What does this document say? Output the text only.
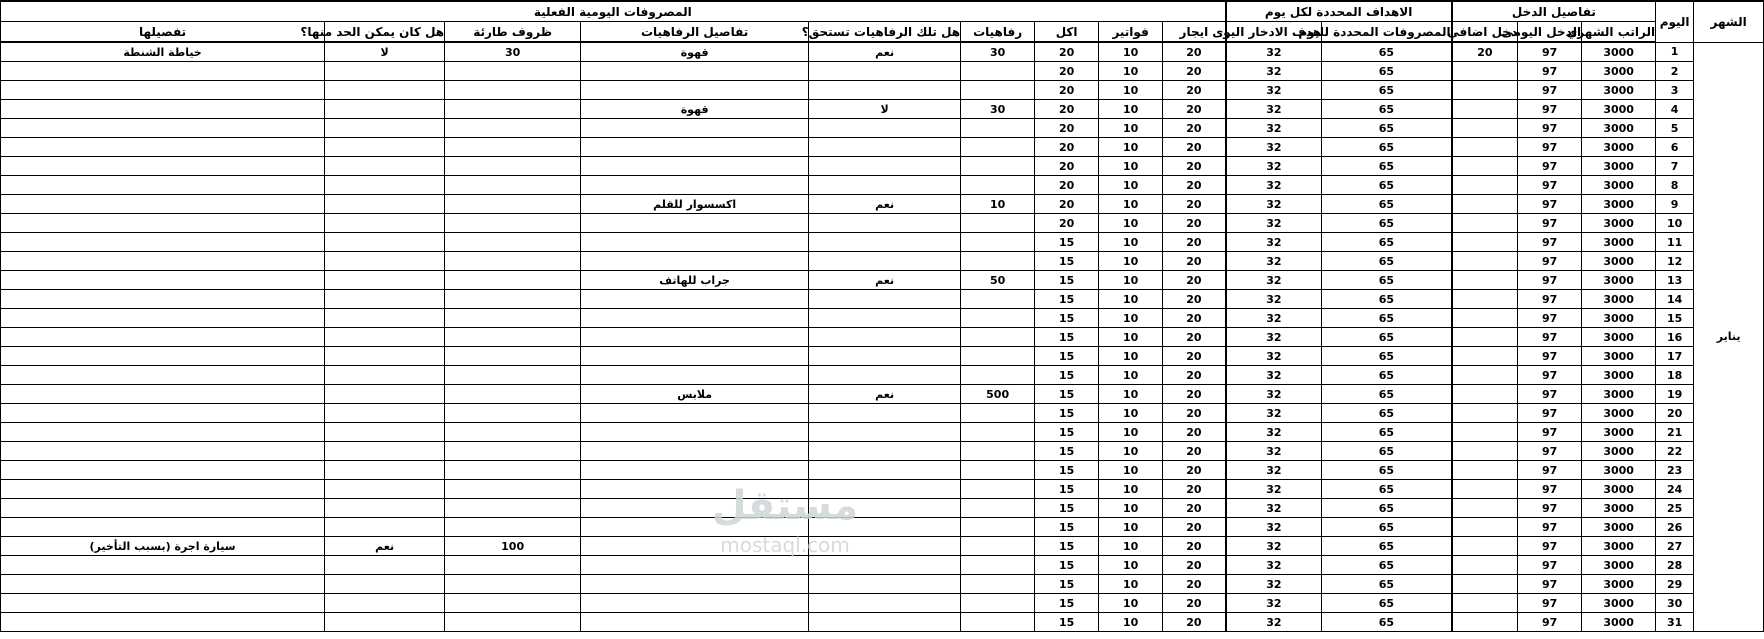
الشهر	اليوم	تفاصيل الدخل			الاهداف المحددة لكل يوم		المصروفات اليومية الفعلية								
		الراتب الشهري	الدخل اليومى	دخل اضافي	المصروفات المحددة لليوم	هدف الادخار اليوى	ايجار	فواتير	اكل	رفاهيات	هل تلك الرفاهيات تستحق؟	تفاصيل الرفاهيات	ظروف طارئة	هل كان يمكن الحد منها؟	تفصيلها
يناير	1	3000	97	20	65	32	20	10	20	30	نعم	قهوة	30	لا	خياطة الشنطة
	2	3000	97		65	32	20	10	20						
	3	3000	97		65	32	20	10	20						
	4	3000	97		65	32	20	10	20	30	لا	قهوة			
	5	3000	97		65	32	20	10	20						
	6	3000	97		65	32	20	10	20						
	7	3000	97		65	32	20	10	20						
	8	3000	97		65	32	20	10	20						
	9	3000	97		65	32	20	10	20	10	نعم	اكسسوار للقلم			
	10	3000	97		65	32	20	10	20						
	11	3000	97		65	32	20	10	15						
	12	3000	97		65	32	20	10	15						
	13	3000	97		65	32	20	10	15	50	نعم	جراب للهاتف			
	14	3000	97		65	32	20	10	15						
	15	3000	97		65	32	20	10	15						
	16	3000	97		65	32	20	10	15						
	17	3000	97		65	32	20	10	15						
	18	3000	97		65	32	20	10	15						
	19	3000	97		65	32	20	10	15	500	نعم	ملابس			
	20	3000	97		65	32	20	10	15						
	21	3000	97		65	32	20	10	15						
	22	3000	97		65	32	20	10	15						
	23	3000	97		65	32	20	10	15						
	24	3000	97		65	32	20	10	15						
	25	3000	97		65	32	20	10	15						
	26	3000	97		65	32	20	10	15						
	27	3000	97		65	32	20	10	15				100	نعم	سيارة اجرة (بسبب التأخير)
	28	3000	97		65	32	20	10	15						
	29	3000	97		65	32	20	10	15						
	30	3000	97		65	32	20	10	15						
	31	3000	97		65	32	20	10	15						
مستقل
mostaql.com
